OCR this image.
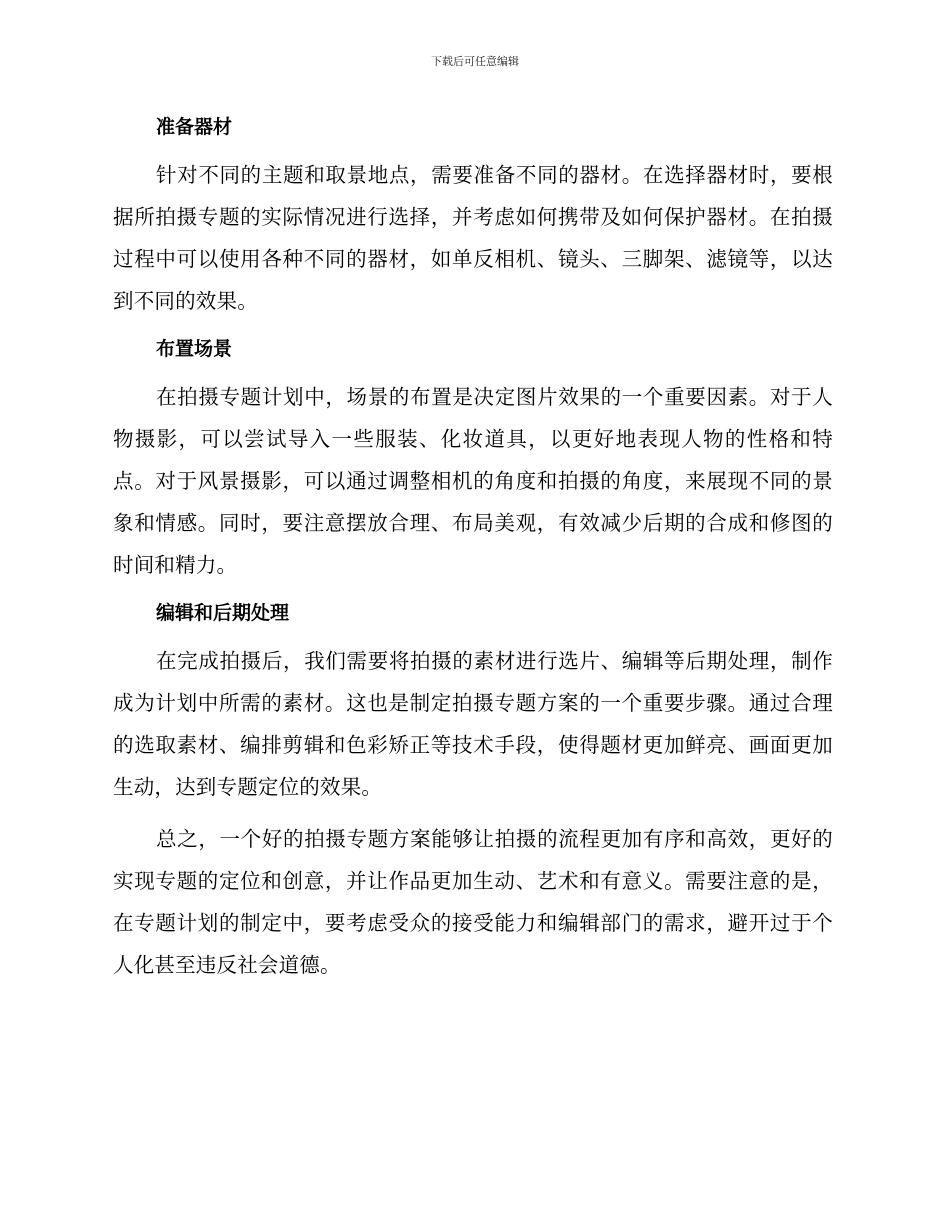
下载后可任意编辑
准备器材

针对不同的主题和取景地点，需要准备不同的器材。在选择器材时，要根据所拍摄专题的实际情况进行选择，并考虑如何携带及如何保护器材。在拍摄过程中可以使用各种不同的器材，如单反相机、镜头、三脚架、滤镜等，以达到不同的效果。

布置场景

在拍摄专题计划中，场景的布置是决定图片效果的一个重要因素。对于人物摄影，可以尝试导入一些服装、化妆道具，以更好地表现人物的性格和特点。对于风景摄影，可以通过调整相机的角度和拍摄的角度，来展现不同的景象和情感。同时，要注意摆放合理、布局美观，有效减少后期的合成和修图的时间和精力。

编辑和后期处理

在完成拍摄后，我们需要将拍摄的素材进行选片、编辑等后期处理，制作成为计划中所需的素材。这也是制定拍摄专题方案的一个重要步骤。通过合理的选取素材、编排剪辑和色彩矫正等技术手段，使得题材更加鲜亮、画面更加生动，达到专题定位的效果。

总之，一个好的拍摄专题方案能够让拍摄的流程更加有序和高效，更好的实现专题的定位和创意，并让作品更加生动、艺术和有意义。需要注意的是，在专题计划的制定中，要考虑受众的接受能力和编辑部门的需求，避开过于个人化甚至违反社会道德。
